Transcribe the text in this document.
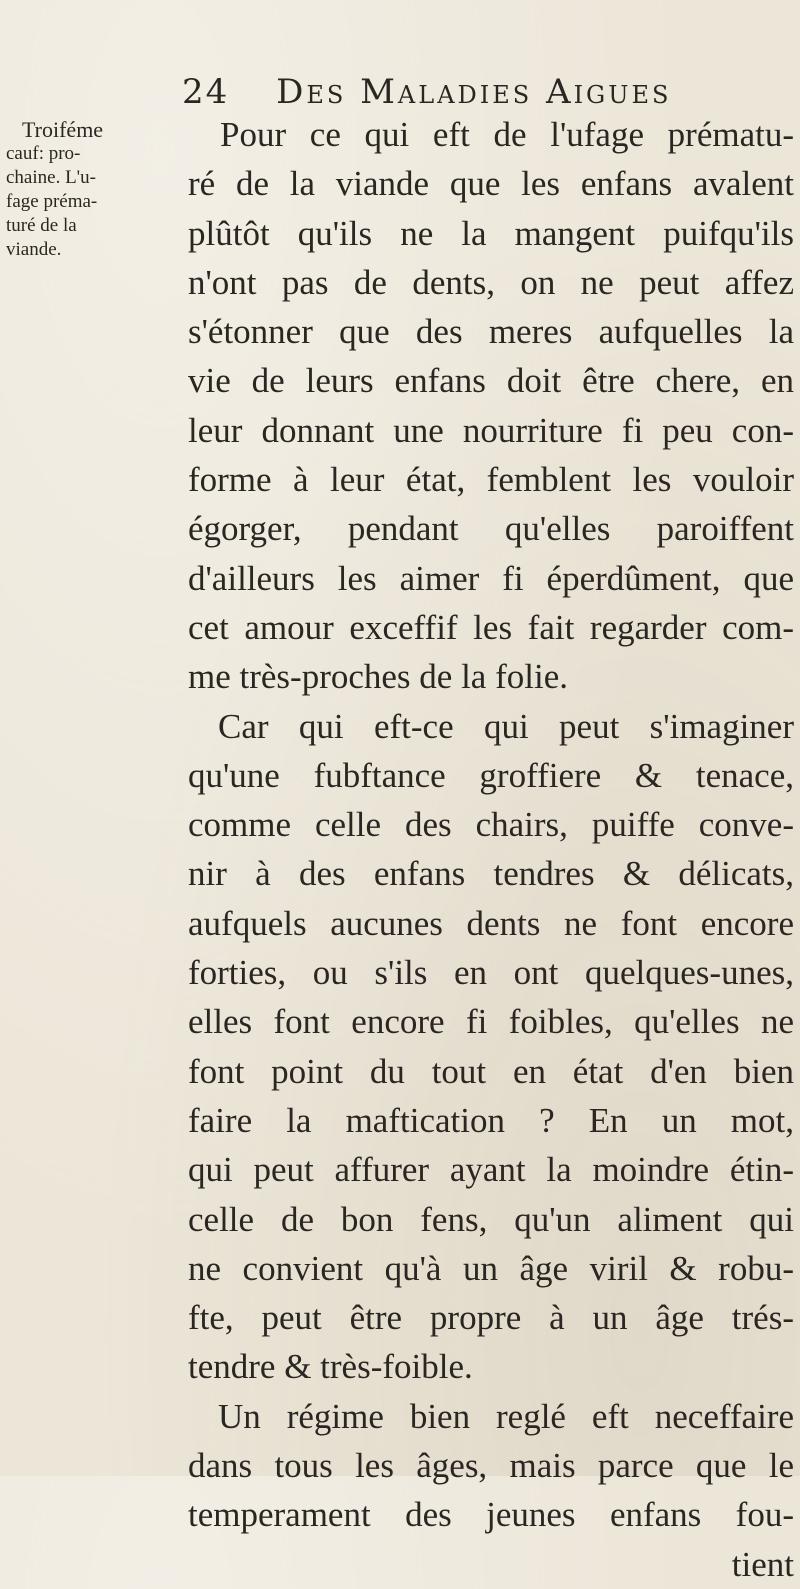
24 Des Maladies Aigues
Troiféme
cauf: pro-
chaine. L'u-
fage préma-
turé de la
viande.
Pour ce qui eft de l'ufage prématu-
ré de la viande que les enfans avalent
plûtôt qu'ils ne la mangent puifqu'ils
n'ont pas de dents, on ne peut affez
s'étonner que des meres aufquelles la
vie de leurs enfans doit être chere, en
leur donnant une nourriture fi peu con-
forme à leur état, femblent les vouloir
égorger, pendant qu'elles paroiffent
d'ailleurs les aimer fi éperdûment, que
cet amour exceffif les fait regarder com-
me très-proches de la folie.
Car qui eft-ce qui peut s'imaginer
qu'une fubftance groffiere & tenace,
comme celle des chairs, puiffe conve-
nir à des enfans tendres & délicats,
aufquels aucunes dents ne font encore
forties, ou s'ils en ont quelques-unes,
elles font encore fi foibles, qu'elles ne
font point du tout en état d'en bien
faire la maftication ? En un mot,
qui peut affurer ayant la moindre étin-
celle de bon fens, qu'un aliment qui
ne convient qu'à un âge viril & robu-
fte, peut être propre à un âge trés-
tendre & très-foible.
Un régime bien reglé eft neceffaire
dans tous les âges, mais parce que le
temperament des jeunes enfans fou-
tient
